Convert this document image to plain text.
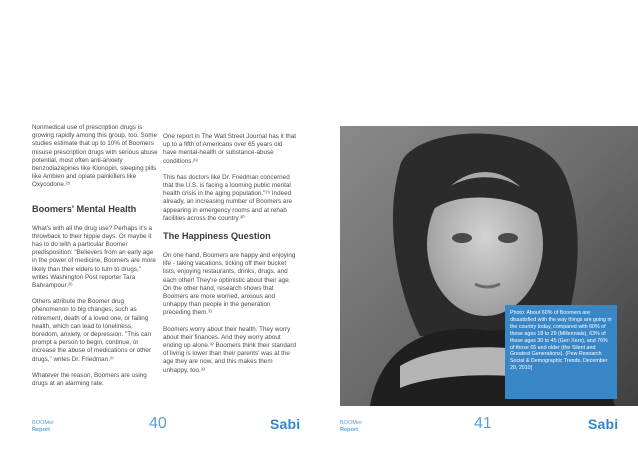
Nonmedical use of prescription drugs is growing rapidly among this group, too. Some studies estimate that up to 10% of Boomers misuse prescription drugs with serious abuse potential, most often anti-anxiety benzodiazepines like Klonopin, sleeping pills like Ambien and opiate painkillers like Oxycodone.²⁵

Boomers' Mental Health

What's with all the drug use? Perhaps it's a throwback to their hippie days. Or maybe it has to do with a particular Boomer predisposition: "Believers from an early age in the power of medicine, Boomers are more likely than their elders to turn to drugs," writes Washington Post reporter Tara Bahrampour.²⁶

Others attribute the Boomer drug phenomenon to big changes, such as retirement, death of a loved one, or failing health, which can lead to loneliness, boredom, anxiety, or depression. "This can prompt a person to begin, continue, or increase the abuse of medications or other drugs," writes Dr. Friedman.²⁷

Whatever the reason, Boomers are using drugs at an alarming rate.

One report in The Wall Street Journal has it that up to a fifth of Americans over 65 years old have mental-health or substance-abuse conditions.²⁸

This has doctors like Dr. Friedman concerned that the U.S. is facing a looming public mental health crisis in the aging population."²⁹ Indeed already, an increasing number of Boomers are appearing in emergency rooms and at rehab facilities across the country.³⁰

The Happiness Question

On one hand, Boomers are happy and enjoying life - taking vacations, ticking off their bucket lists, enjoying restaurants, drinks, drugs, and each other! They're optimistic about their age. On the other hand, research shows that Boomers are more worried, anxious and unhappy than people in the generation preceding them.³¹

Boomers worry about their health. They worry about their finances. And they worry about ending up alone.³² Boomers think their standard of living is lower than their parents' was at the age they are now, and this makes them unhappy, too.³³

BOOMer
Report	40	Sabi
Photo: About 60% of Boomers are dissatisfied with the way things are going in the country today, compared with 60% of those ages 18 to 29 (Millennials), 63% of those ages 30 to 45 (Gen Xers), and 76% of those 65 and older (the Silent and Greatest Generations). (Pew Research Social & Demographic Trends, December 20, 2010)
BOOMer
Report	41	Sabi
